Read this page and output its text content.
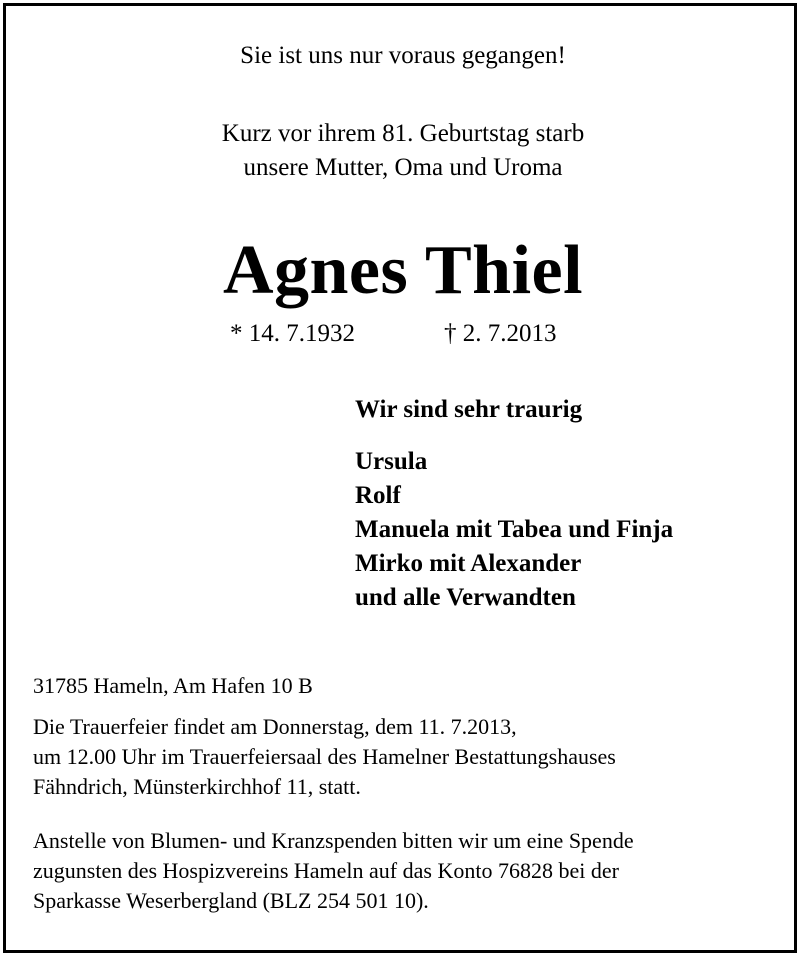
Sie ist uns nur voraus gegangen!
Kurz vor ihrem 81. Geburtstag starb
unsere Mutter, Oma und Uroma
Agnes Thiel
* 14. 7.1932	† 2. 7.2013
Wir sind sehr traurig
Ursula
Rolf
Manuela mit Tabea und Finja
Mirko mit Alexander
und alle Verwandten
31785 Hameln, Am Hafen 10 B
Die Trauerfeier findet am Donnerstag, dem 11. 7.2013,
um 12.00 Uhr im Trauerfeiersaal des Hamelner Bestattungshauses
Fähndrich, Münsterkirchhof 11, statt.
Anstelle von Blumen- und Kranzspenden bitten wir um eine Spende
zugunsten des Hospizvereins Hameln auf das Konto 76828 bei der
Sparkasse Weserbergland (BLZ 254 501 10).
